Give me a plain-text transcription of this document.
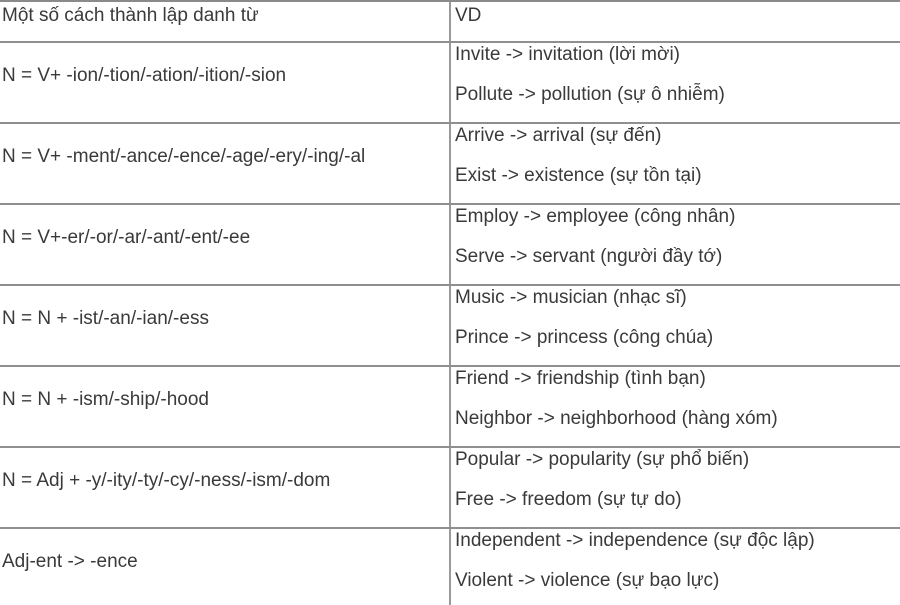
Một số cách thành lập danh từ	VD
N = V+ -ion/-tion/-ation/-ition/-sion
Invite -> invitation (lời mời)
Pollute -> pollution (sự ô nhiễm)
N = V+ -ment/-ance/-ence/-age/-ery/-ing/-al
Arrive -> arrival (sự đến)
Exist -> existence (sự tồn tại)
N = V+-er/-or/-ar/-ant/-ent/-ee
Employ -> employee (công nhân)
Serve -> servant (người đầy tớ)
N = N + -ist/-an/-ian/-ess
Music -> musician (nhạc sĩ)
Prince -> princess (công chúa)
N = N + -ism/-ship/-hood
Friend -> friendship (tình bạn)
Neighbor -> neighborhood (hàng xóm)
N = Adj + -y/-ity/-ty/-cy/-ness/-ism/-dom
Popular -> popularity (sự phổ biến)
Free -> freedom (sự tự do)
Adj-ent -> -ence
Independent -> independence (sự độc lập)
Violent -> violence (sự bạo lực)
